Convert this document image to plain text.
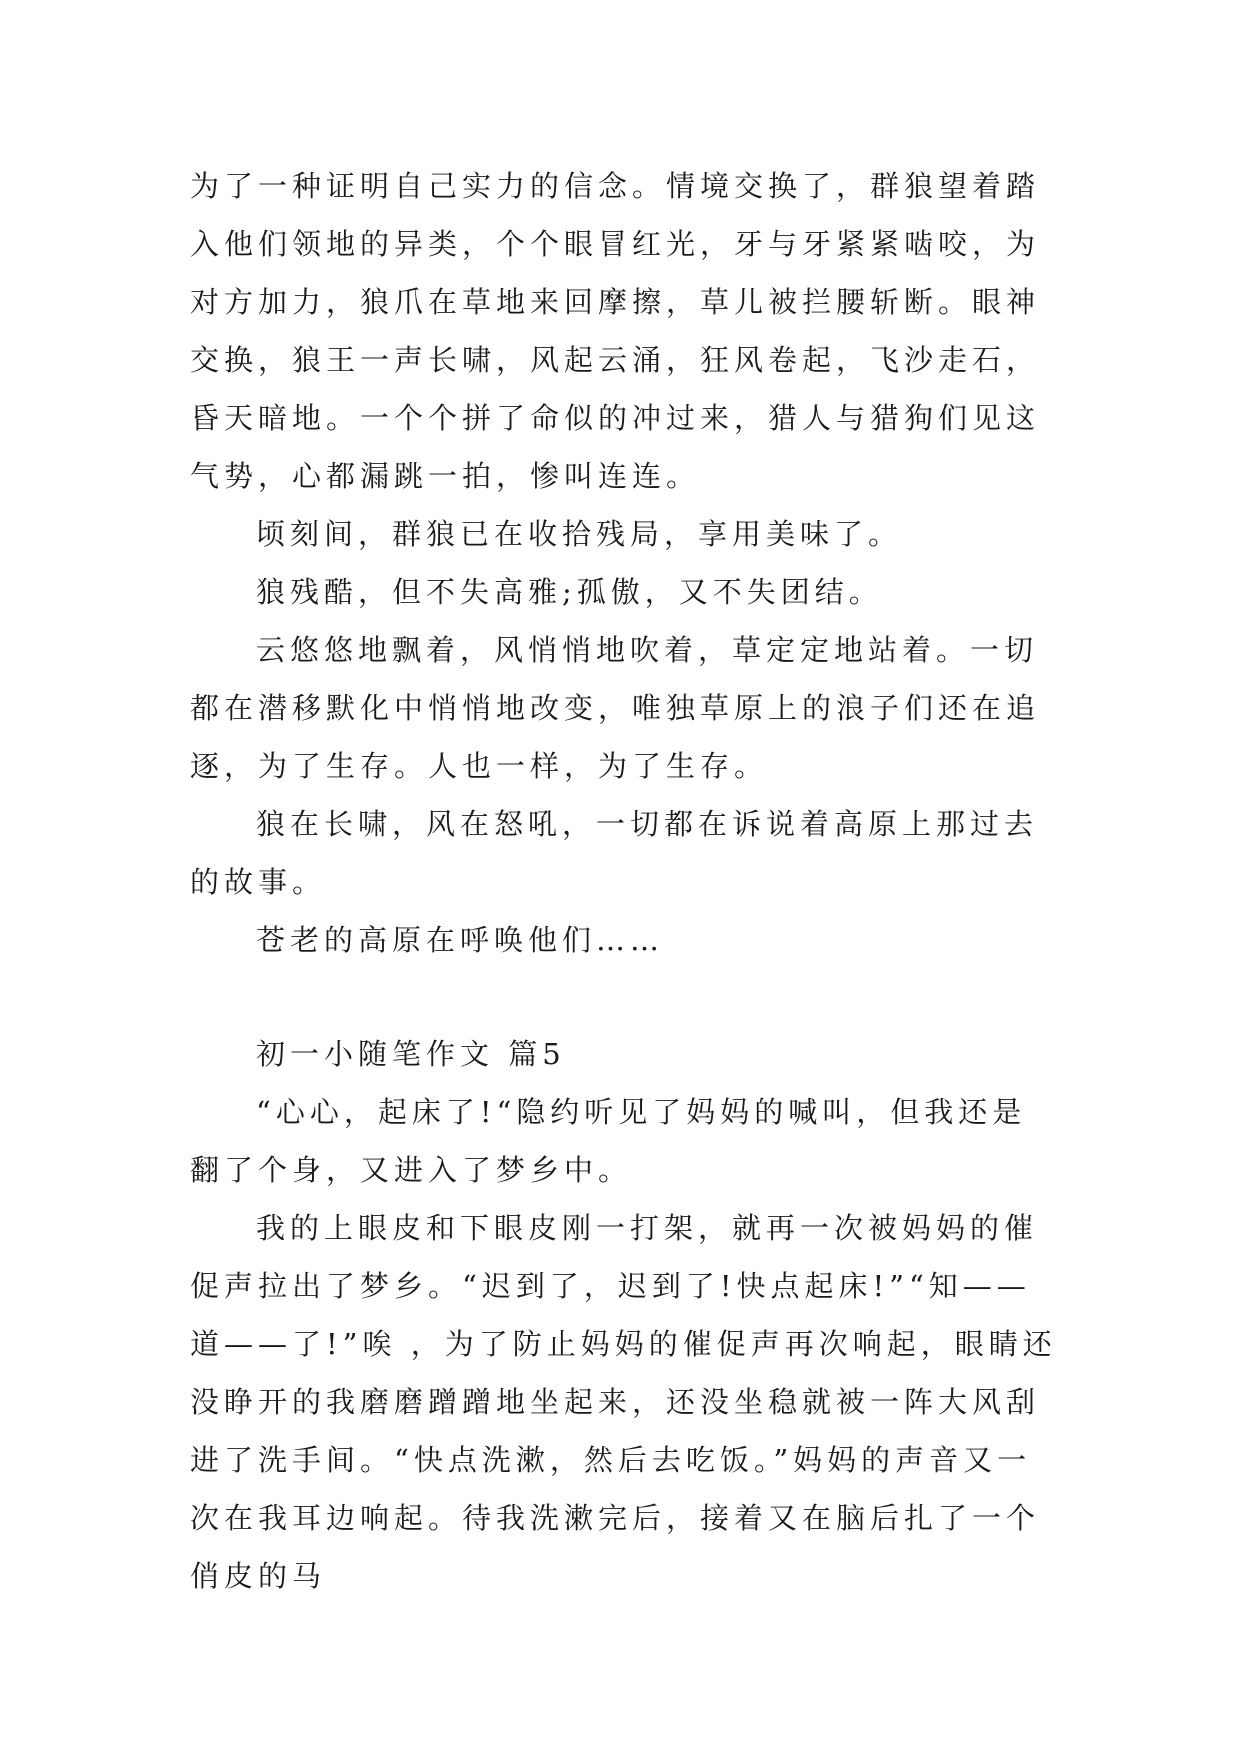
为了一种证明自己实力的信念。情境交换了，群狼望着踏入他们领地的异类，个个眼冒红光，牙与牙紧紧啮咬，为对方加力，狼爪在草地来回摩擦，草儿被拦腰斩断。眼神交换，狼王一声长啸，风起云涌，狂风卷起，飞沙走石，昏天暗地。一个个拼了命似的冲过来，猎人与猎狗们见这气势，心都漏跳一拍，惨叫连连。

顷刻间，群狼已在收拾残局，享用美味了。

狼残酷，但不失高雅;孤傲，又不失团结。

云悠悠地飘着，风悄悄地吹着，草定定地站着。一切都在潜移默化中悄悄地改变，唯独草原上的浪子们还在追逐，为了生存。人也一样，为了生存。

狼在长啸，风在怒吼，一切都在诉说着高原上那过去的故事。

苍老的高原在呼唤他们……

初一小随笔作文 篇5

“心心，起床了!“隐约听见了妈妈的喊叫，但我还是翻了个身，又进入了梦乡中。

我的上眼皮和下眼皮刚一打架，就再一次被妈妈的催促声拉出了梦乡。“迟到了，迟到了!快点起床!”“知——道——了!”唉 ，为了防止妈妈的催促声再次响起，眼睛还没睁开的我磨磨蹭蹭地坐起来，还没坐稳就被一阵大风刮进了洗手间。“快点洗漱，然后去吃饭。”妈妈的声音又一次在我耳边响起。待我洗漱完后，接着又在脑后扎了一个俏皮的马
